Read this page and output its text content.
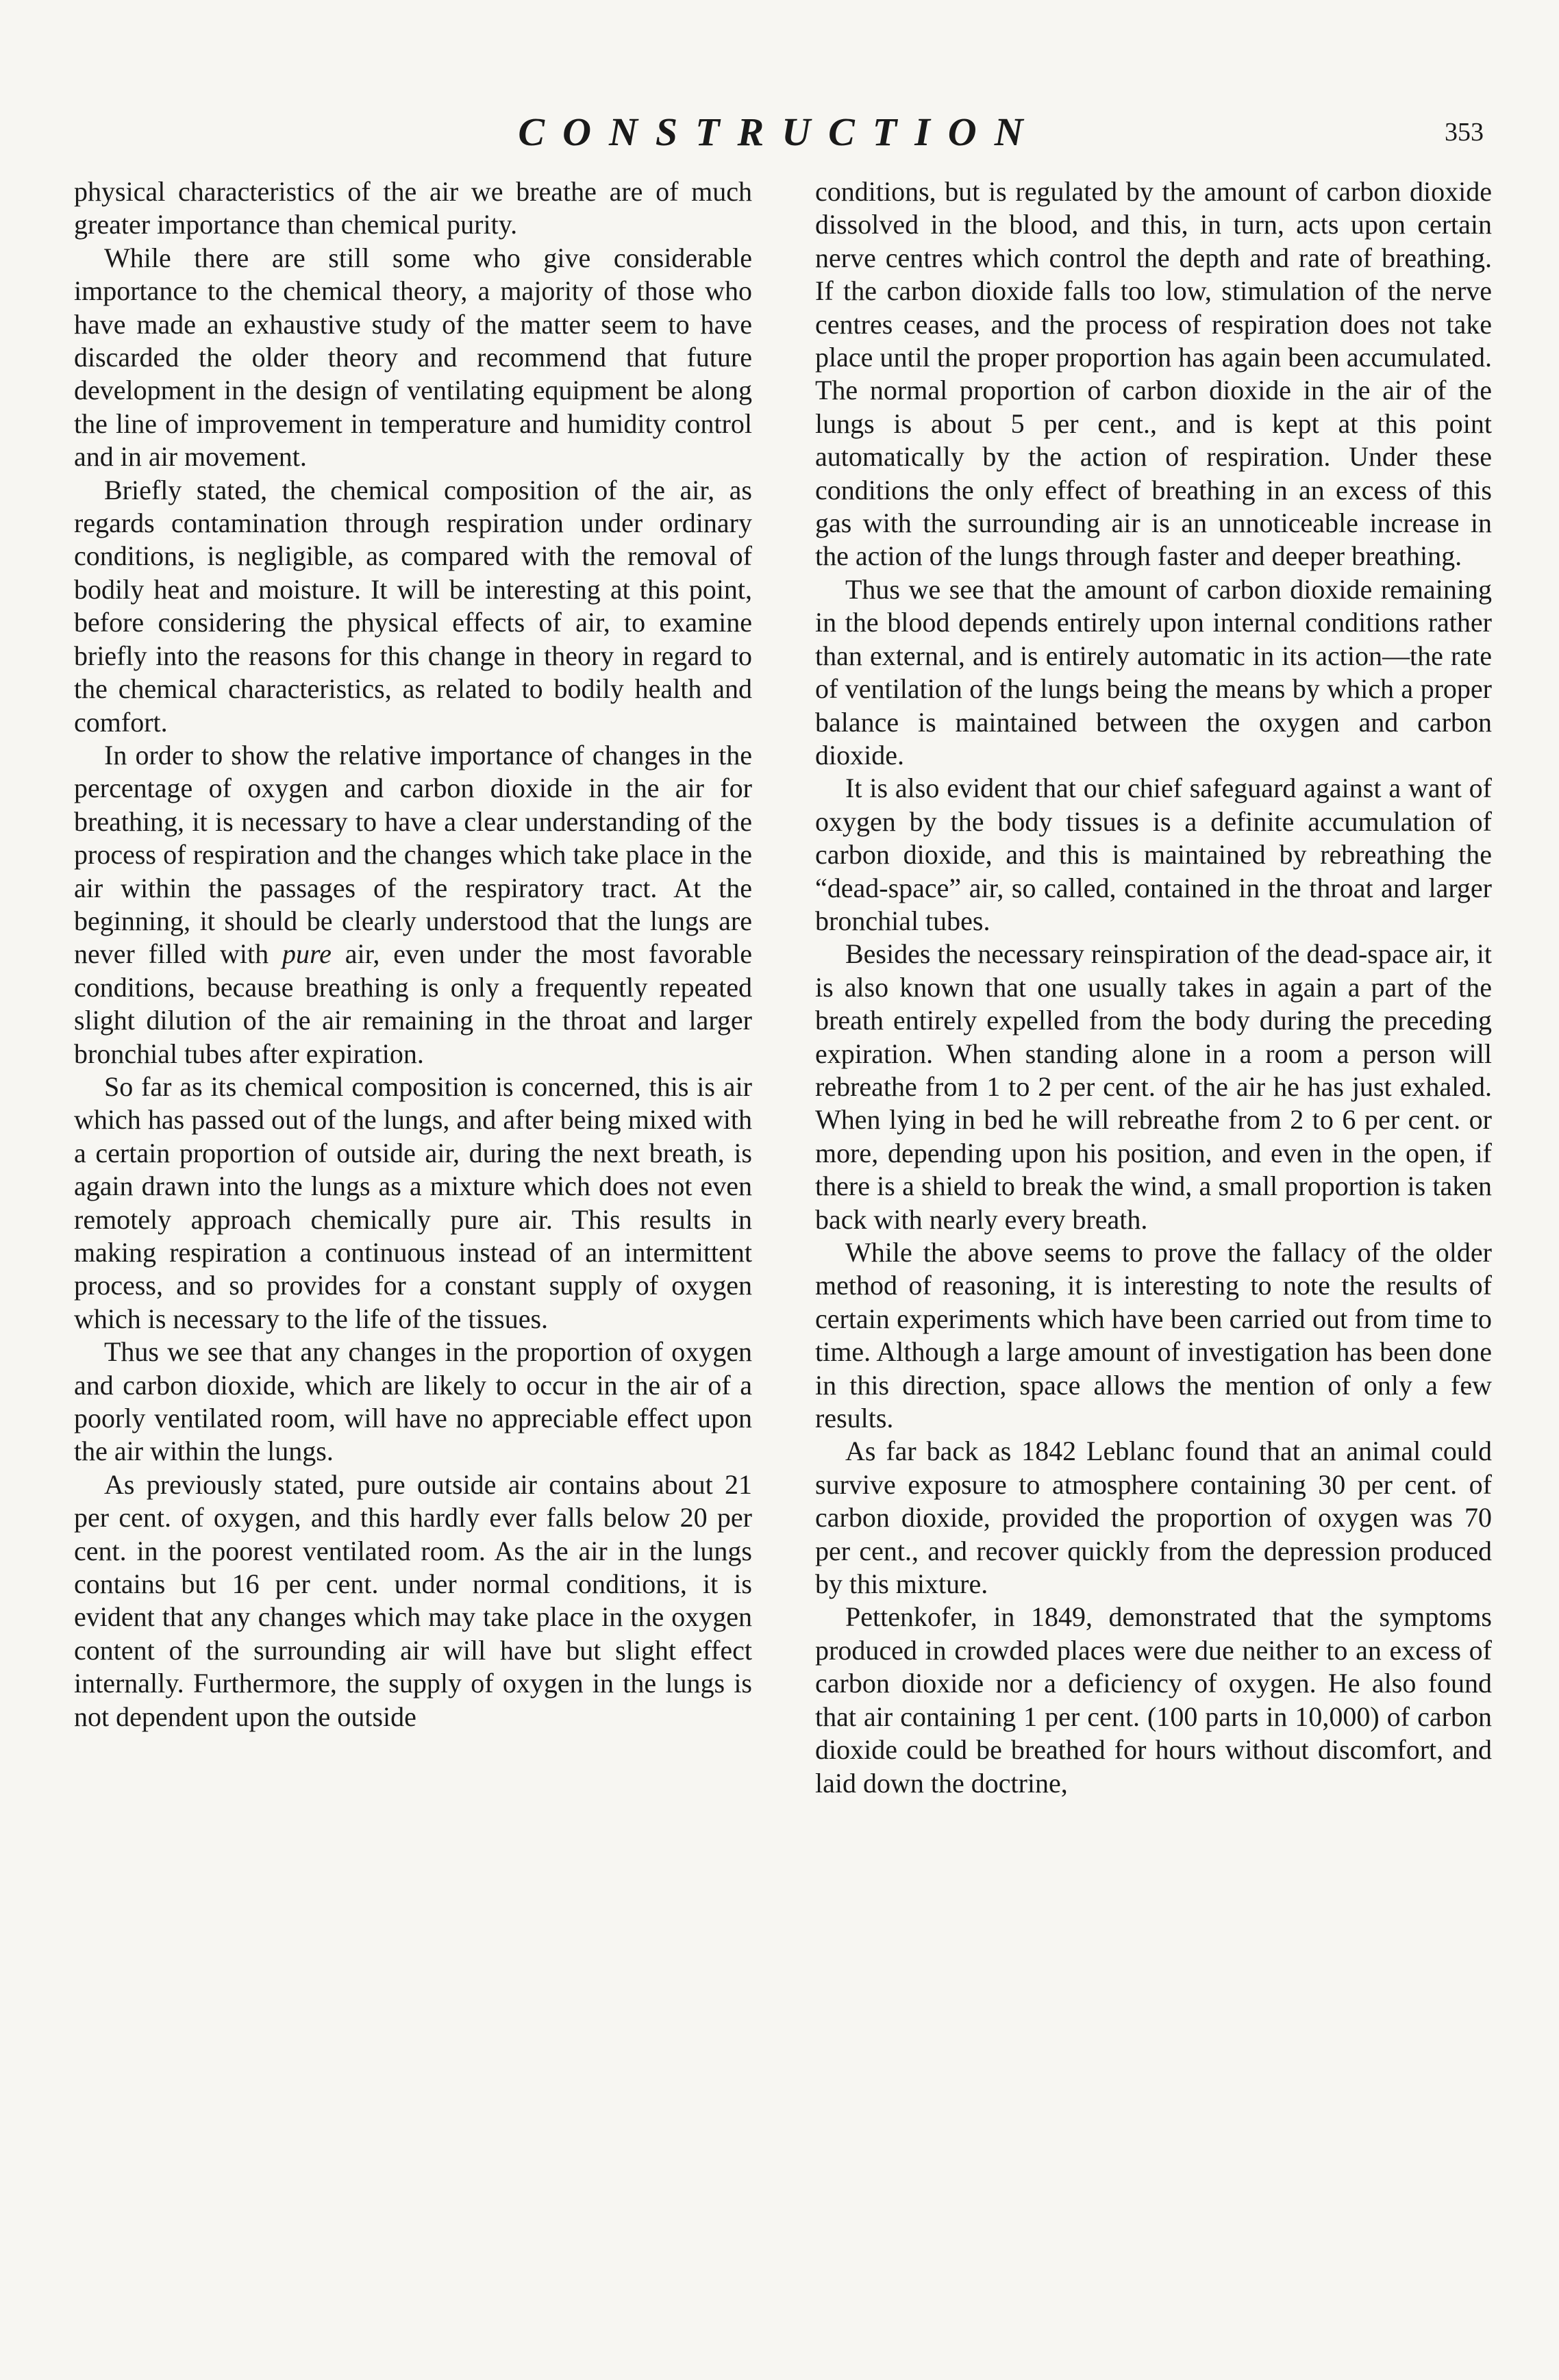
CONSTRUCTION	353

physical characteristics of the air we breathe are of much greater importance than chemical purity.

While there are still some who give considerable importance to the chemical theory, a majority of those who have made an exhaustive study of the matter seem to have discarded the older theory and recommend that future development in the design of ventilating equipment be along the line of improvement in temperature and humidity control and in air movement.

Briefly stated, the chemical composition of the air, as regards contamination through respiration under ordinary conditions, is negligible, as compared with the removal of bodily heat and moisture. It will be interesting at this point, before considering the physical effects of air, to examine briefly into the reasons for this change in theory in regard to the chemical characteristics, as related to bodily health and comfort.

In order to show the relative importance of changes in the percentage of oxygen and carbon dioxide in the air for breathing, it is necessary to have a clear understanding of the process of respiration and the changes which take place in the air within the passages of the respiratory tract. At the beginning, it should be clearly understood that the lungs are never filled with pure air, even under the most favorable conditions, because breathing is only a frequently repeated slight dilution of the air remaining in the throat and larger bronchial tubes after expiration.

So far as its chemical composition is concerned, this is air which has passed out of the lungs, and after being mixed with a certain proportion of outside air, during the next breath, is again drawn into the lungs as a mixture which does not even remotely approach chemically pure air. This results in making respiration a continuous instead of an intermittent process, and so provides for a constant supply of oxygen which is necessary to the life of the tissues.

Thus we see that any changes in the proportion of oxygen and carbon dioxide, which are likely to occur in the air of a poorly ventilated room, will have no appreciable effect upon the air within the lungs.

As previously stated, pure outside air contains about 21 per cent. of oxygen, and this hardly ever falls below 20 per cent. in the poorest ventilated room. As the air in the lungs contains but 16 per cent. under normal conditions, it is evident that any changes which may take place in the oxygen content of the surrounding air will have but slight effect internally. Furthermore, the supply of oxygen in the lungs is not dependent upon the outside

conditions, but is regulated by the amount of carbon dioxide dissolved in the blood, and this, in turn, acts upon certain nerve centres which control the depth and rate of breathing. If the carbon dioxide falls too low, stimulation of the nerve centres ceases, and the process of respiration does not take place until the proper proportion has again been accumulated. The normal proportion of carbon dioxide in the air of the lungs is about 5 per cent., and is kept at this point automatically by the action of respiration. Under these conditions the only effect of breathing in an excess of this gas with the surrounding air is an unnoticeable increase in the action of the lungs through faster and deeper breathing.

Thus we see that the amount of carbon dioxide remaining in the blood depends entirely upon internal conditions rather than external, and is entirely automatic in its action—the rate of ventilation of the lungs being the means by which a proper balance is maintained between the oxygen and carbon dioxide.

It is also evident that our chief safeguard against a want of oxygen by the body tissues is a definite accumulation of carbon dioxide, and this is maintained by rebreathing the “dead-space” air, so called, contained in the throat and larger bronchial tubes.

Besides the necessary reinspiration of the dead-space air, it is also known that one usually takes in again a part of the breath entirely expelled from the body during the preceding expiration. When standing alone in a room a person will rebreathe from 1 to 2 per cent. of the air he has just exhaled. When lying in bed he will rebreathe from 2 to 6 per cent. or more, depending upon his position, and even in the open, if there is a shield to break the wind, a small proportion is taken back with nearly every breath.

While the above seems to prove the fallacy of the older method of reasoning, it is interesting to note the results of certain experiments which have been carried out from time to time. Although a large amount of investigation has been done in this direction, space allows the mention of only a few results.

As far back as 1842 Leblanc found that an animal could survive exposure to atmosphere containing 30 per cent. of carbon dioxide, provided the proportion of oxygen was 70 per cent., and recover quickly from the depression produced by this mixture.

Pettenkofer, in 1849, demonstrated that the symptoms produced in crowded places were due neither to an excess of carbon dioxide nor a deficiency of oxygen. He also found that air containing 1 per cent. (100 parts in 10,000) of carbon dioxide could be breathed for hours without discomfort, and laid down the doctrine,
